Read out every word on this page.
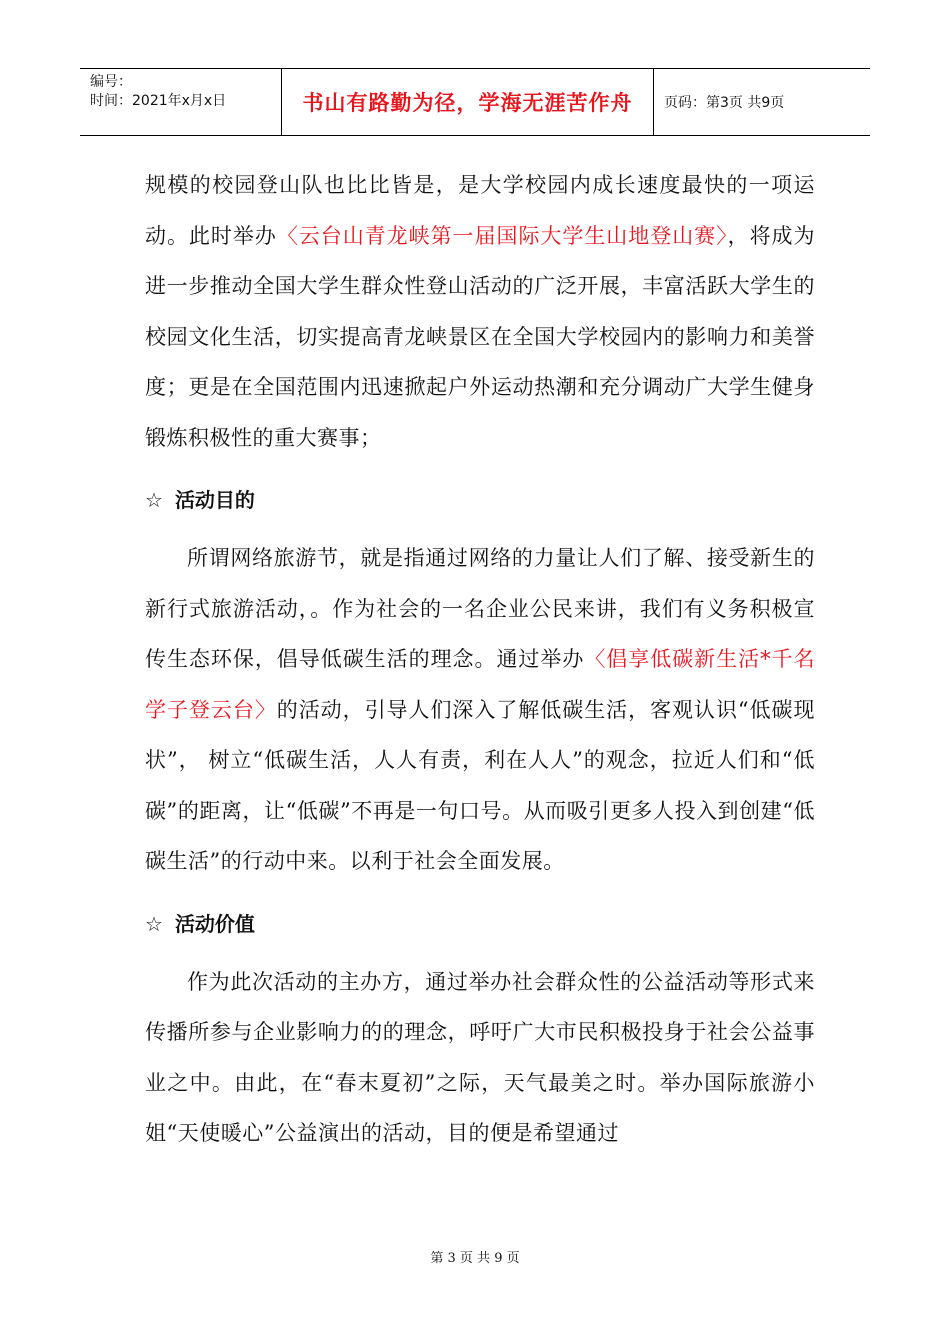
编号：
时间：2021年x月x日	书山有路勤为径，学海无涯苦作舟	页码：第3页 共9页

规模的校园登山队也比比皆是，是大学校园内成长速度最快的一项运动。此时举办〈云台山青龙峡第一届国际大学生山地登山赛〉，将成为进一步推动全国大学生群众性登山活动的广泛开展，丰富活跃大学生的校园文化生活，切实提高青龙峡景区在全国大学校园内的影响力和美誉度；更是在全国范围内迅速掀起户外运动热潮和充分调动广大学生健身锻炼积极性的重大赛事；

☆ 活动目的

所谓网络旅游节，就是指通过网络的力量让人们了解、接受新生的新行式旅游活动，。作为社会的一名企业公民来讲，我们有义务积极宣传生态环保，倡导低碳生活的理念。通过举办〈倡享低碳新生活*千名学子登云台〉的活动，引导人们深入了解低碳生活，客观认识“低碳现状”， 树立“低碳生活，人人有责，利在人人”的观念，拉近人们和“低碳”的距离，让“低碳”不再是一句口号。从而吸引更多人投入到创建“低碳生活”的行动中来。以利于社会全面发展。

☆ 活动价值

作为此次活动的主办方，通过举办社会群众性的公益活动等形式来传播所参与企业影响力的的理念，呼吁广大市民积极投身于社会公益事业之中。由此，在“春末夏初”之际，天气最美之时。举办国际旅游小姐“天使暖心”公益演出的活动，目的便是希望通过

第 3 页 共 9 页
